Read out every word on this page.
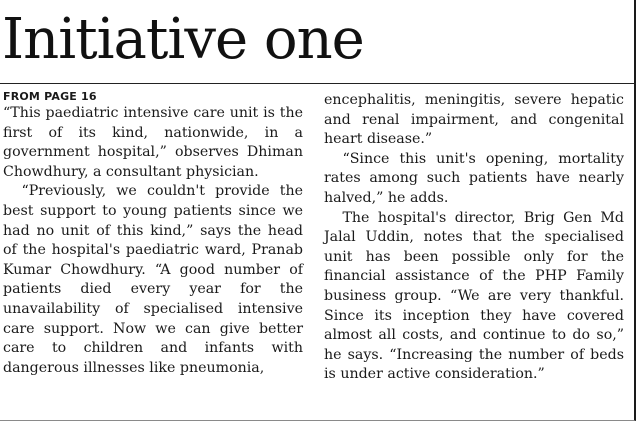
Initiative one
FROM PAGE 16

“This paediatric intensive care unit is the first of its kind, nationwide, in a government hospital,” observes Dhiman Chowdhury, a consultant physician.

“Previously, we couldn't provide the best support to young patients since we had no unit of this kind,” says the head of the hospital's paediatric ward, Pranab Kumar Chowdhury. “A good number of patients died every year for the unavailability of specialised intensive care support. Now we can give better care to children and infants with dangerous illnesses like pneumonia,

encephalitis, meningitis, severe hepatic and renal impairment, and congenital heart disease.”

“Since this unit's opening, mortality rates among such patients have nearly halved,” he adds.

The hospital's director, Brig Gen Md Jalal Uddin, notes that the specialised unit has been possible only for the financial assistance of the PHP Family business group. “We are very thankful. Since its inception they have covered almost all costs, and continue to do so,” he says. “Increasing the number of beds is under active consideration.”
